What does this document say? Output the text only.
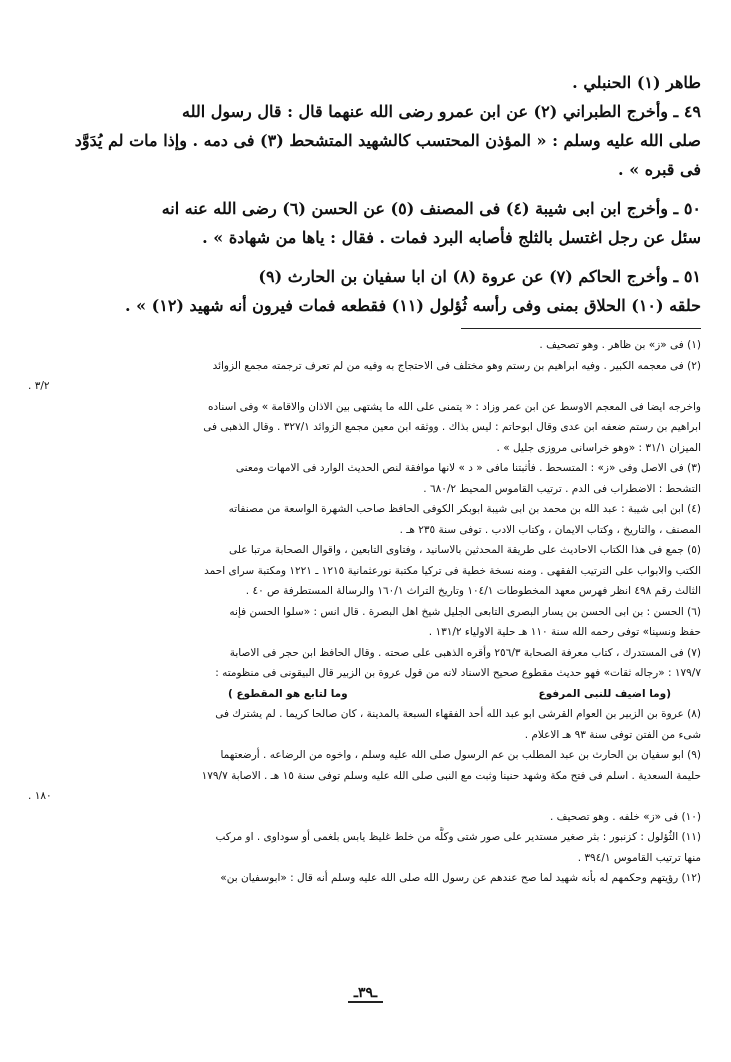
طاهر (١) الحنبلي .
٤٩ ـ وأخرج الطبراني (٢) عن ابن عمرو رضى الله عنهما قال : قال رسول الله
صلى الله عليه وسلم : « المؤذن المحتسب كالشهيد المتشحط (٣) فى دمه . وإذا مات لم يُدَوَّد
فى قبره » .
٥٠ ـ وأخرج ابن ابى شيبة (٤) فى المصنف (٥) عن الحسن (٦) رضى الله عنه انه
سئل عن رجل اغتسل بالثلج فأصابه البرد فمات . فقال : ياها من شهادة » .
٥١ ـ وأخرج الحاكم (٧) عن عروة (٨) ان ابا سفيان بن الحارث (٩)
حلقه (١٠) الحلاق بمنى وفى رأسه ثُؤلول (١١) فقطعه فمات فيرون أنه شهيد (١٢) » .
(١) فى «ز» بن ظاهر . وهو تصحيف .
(٢) فى معجمه الكبير . وفيه ابراهيم بن رستم وهو مختلف فى الاحتجاج به وفيه من لم تعرف ترجمته مجمع الزوائد
٣/٢ .
واخرجه ايضا فى المعجم الاوسط عن ابن عمر وزاد : « يتمنى على الله ما يشتهى بين الاذان والاقامة » وفى اسناده
ابراهيم بن رستم ضعفه ابن عدى وقال ابوحاتم : ليس بذاك . ووثقه ابن معين مجمع الزوائد ٣٢٧/١ . وقال الذهبى فى
الميزان ٣١/١ : «وهو خراسانى مروزى جليل » .
(٣) فى الاصل وفى «ز» : المتسحط . فأثبتنا مافى « د » لانها موافقة لنص الحديث الوارد فى الامهات ومعنى
التشحط : الاضطراب فى الدم . ترتيب القاموس المحيط ٦٨٠/٢ .
(٤) ابن ابى شيبة : عبد الله بن محمد بن ابى شيبة ابوبكر الكوفى الحافظ صاحب الشهرة الواسعة من مصنفاته
المصنف ، والتاريخ ، وكتاب الايمان ، وكتاب الادب . توفى سنة ٢٣٥ هـ .
(٥) جمع فى هذا الكتاب الاحاديث على طريقة المحدثين بالاسانيد ، وفتاوى التابعين ، واقوال الصحابة مرتبا على
الكتب والابواب على الترتيب الفقهى . ومنه نسخة خطية فى تركيا مكتبة نورعثمانية ١٢١٥ ـ ١٢٢١ ومكتبة سراى احمد
الثالث رقم ٤٩٨ انظر فهرس معهد المخطوطات ١٠٤/١ وتاريخ التراث ١٦٠/١ والرسالة المستطرفة ص ٤٠ .
(٦) الحسن : بن ابى الحسن بن يسار البصرى التابعى الجليل شيخ اهل البصرة . قال انس : «سلوا الحسن فإنه
حفظ ونسينا» توفى رحمه الله سنة ١١٠ هـ حلية الاولياء ١٣١/٢ .
(٧) فى المستدرك ، كتاب معرفة الصحابة ٢٥٦/٣ وأقره الذهبى على صحته . وقال الحافظ ابن حجر فى الاصابة
١٧٩/٧ : «رجاله ثقات» فهو حديث مقطوع صحيح الاسناد لانه من قول عروة بن الزبير قال البيقونى فى منظومته :
(وما اضيف للنبى المرفوع
وما لتابع هو المقطوع )
(٨) عروة بن الزبير بن العوام القرشى ابو عبد الله أحد الفقهاء السبعة بالمدينة ، كان صالحا كريما . لم يشترك فى
شىء من الفتن توفى سنة ٩٣ هـ الاعلام .
(٩) ابو سفيان بن الحارث بن عبد المطلب بن عم الرسول صلى الله عليه وسلم ، واخوه من الرضاعه . أرضعتهما
حليمة السعدية . اسلم فى فتح مكة وشهد حنينا وثبت مع النبى صلى الله عليه وسلم توفى سنة ١٥ هـ . الاصابة ١٧٩/٧
١٨٠ .
(١٠) فى «ز» خلفه . وهو تصحيف .
(١١) الثُؤلول : كزنبور : بثر صغير مستدير على صور شتى وكلُّه من خلط غليظ يابس بلغمى أو سوداوى . او مركب
منها ترتيب القاموس ٣٩٤/١ .
(١٢) رؤيتهم وحكمهم له بأنه شهيد لما صح عندهم عن رسول الله صلى الله عليه وسلم أنه قال : «ابوسفيان بن»
ـ٣٩ـ
